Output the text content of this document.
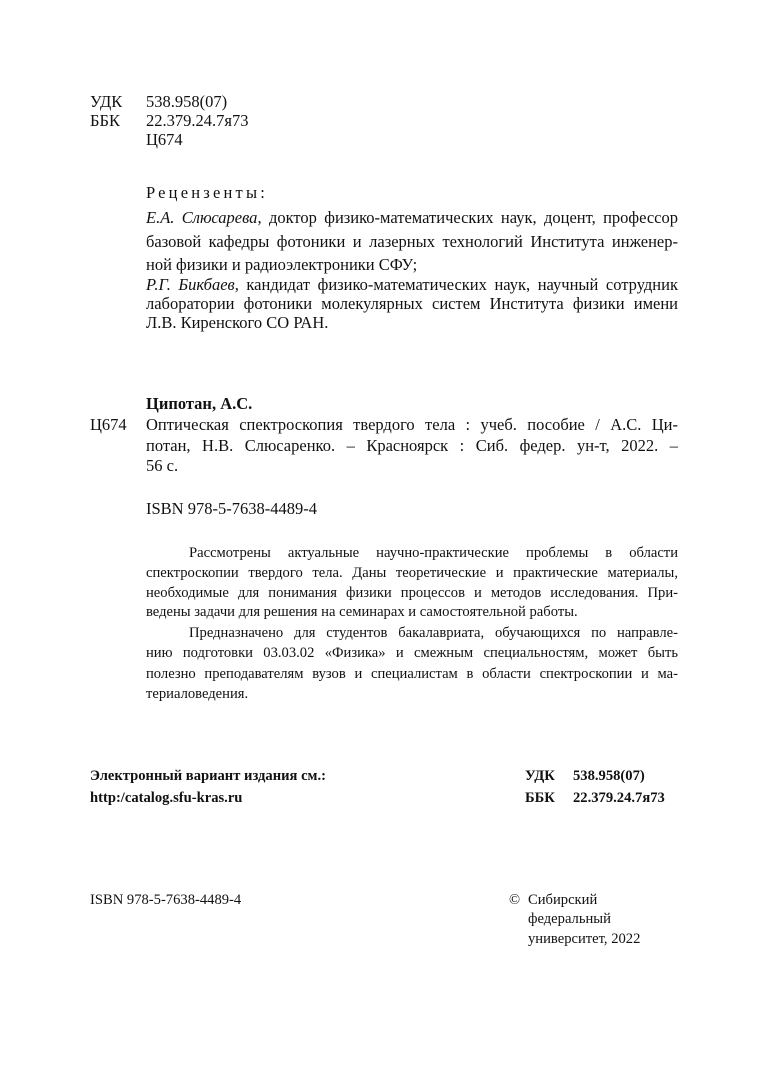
УДК 538.958(07)
ББК 22.379.24.7я73
Ц674
Рецензенты:
Е.А. Слюсарева, доктор физико-математических наук, доцент, профессор
базовой кафедры фотоники и лазерных технологий Института инженер-
ной физики и радиоэлектроники СФУ;
Р.Г. Бикбаев, кандидат физико-математических наук, научный сотрудник
лаборатории фотоники молекулярных систем Института физики имени
Л.В. Киренского СО РАН.
Ципотан, А.С.
Ц674 Оптическая спектроскопия твердого тела : учеб. пособие / А.С. Ци-
потан, Н.В. Слюсаренко. – Красноярск : Сиб. федер. ун-т, 2022. –
56 с.
ISBN 978-5-7638-4489-4
Рассмотрены актуальные научно-практические проблемы в области
спектроскопии твердого тела. Даны теоретические и практические материалы,
необходимые для понимания физики процессов и методов исследования. При-
ведены задачи для решения на семинарах и самостоятельной работы.
Предназначено для студентов бакалавриата, обучающихся по направле-
нию подготовки 03.03.02 «Физика» и смежным специальностям, может быть
полезно преподавателям вузов и специалистам в области спектроскопии и ма-
териаловедения.
Электронный вариант издания см.:
http:/catalog.sfu-kras.ru
УДК 538.958(07)
ББК 22.379.24.7я73
ISBN 978-5-7638-4489-4	© Сибирский
федеральный
университет, 2022
